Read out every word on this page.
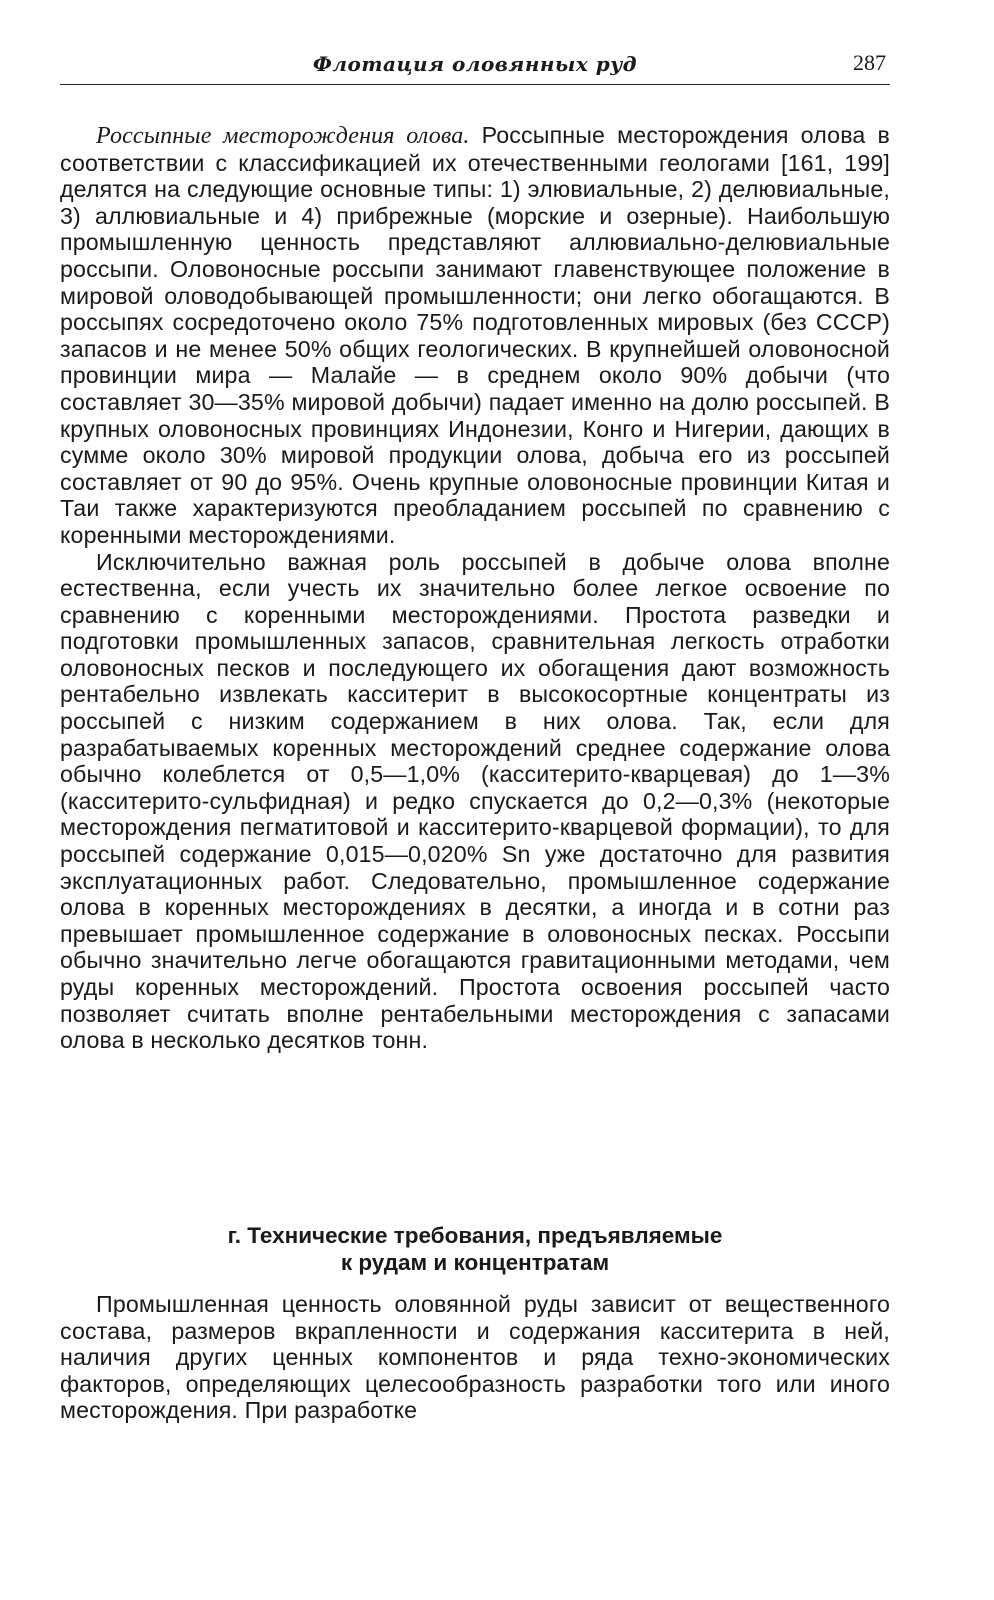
Флотация оловянных руд	287

Россыпные месторождения олова. Россыпные месторождения олова в соответствии с классификацией их отечественными геологами [161, 199] делятся на следующие основные типы: 1) элювиальные, 2) делювиальные, 3) аллювиальные и 4) прибрежные (морские и озерные). Наибольшую промышленную ценность представляют аллювиально-делювиальные россыпи. Оловоносные россыпи занимают главенствующее положение в мировой оловодобывающей промышленности; они легко обогащаются. В россыпях сосредоточено около 75% подготовленных мировых (без СССР) запасов и не менее 50% общих геологических. В крупнейшей оловоносной провинции мира — Малайе — в среднем около 90% добычи (что составляет 30—35% мировой добычи) падает именно на долю россыпей. В крупных оловоносных провинциях Индонезии, Конго и Нигерии, дающих в сумме около 30% мировой продукции олова, добыча его из россыпей составляет от 90 до 95%. Очень крупные оловоносные провинции Китая и Таи также характеризуются преобладанием россыпей по сравнению с коренными месторождениями.

Исключительно важная роль россыпей в добыче олова вполне естественна, если учесть их значительно более легкое освоение по сравнению с коренными месторождениями. Простота разведки и подготовки промышленных запасов, сравнительная легкость отработки оловоносных песков и последующего их обогащения дают возможность рентабельно извлекать касситерит в высокосортные концентраты из россыпей с низким содержанием в них олова. Так, если для разрабатываемых коренных месторождений среднее содержание олова обычно колеблется от 0,5—1,0% (касситерито-кварцевая) до 1—3% (касситерито-сульфидная) и редко спускается до 0,2—0,3% (некоторые месторождения пегматитовой и касситерито-кварцевой формации), то для россыпей содержание 0,015—0,020% Sn уже достаточно для развития эксплуатационных работ. Следовательно, промышленное содержание олова в коренных месторождениях в десятки, а иногда и в сотни раз превышает промышленное содержание в оловоносных песках. Россыпи обычно значительно легче обогащаются гравитационными методами, чем руды коренных месторождений. Простота освоения россыпей часто позволяет считать вполне рентабельными месторождения с запасами олова в несколько десятков тонн.

г. Технические требования, предъявляемые
к рудам и концентратам

Промышленная ценность оловянной руды зависит от вещественного состава, размеров вкрапленности и содержания касситерита в ней, наличия других ценных компонентов и ряда техно-экономических факторов, определяющих целесообразность разработки того или иного месторождения. При разработке
